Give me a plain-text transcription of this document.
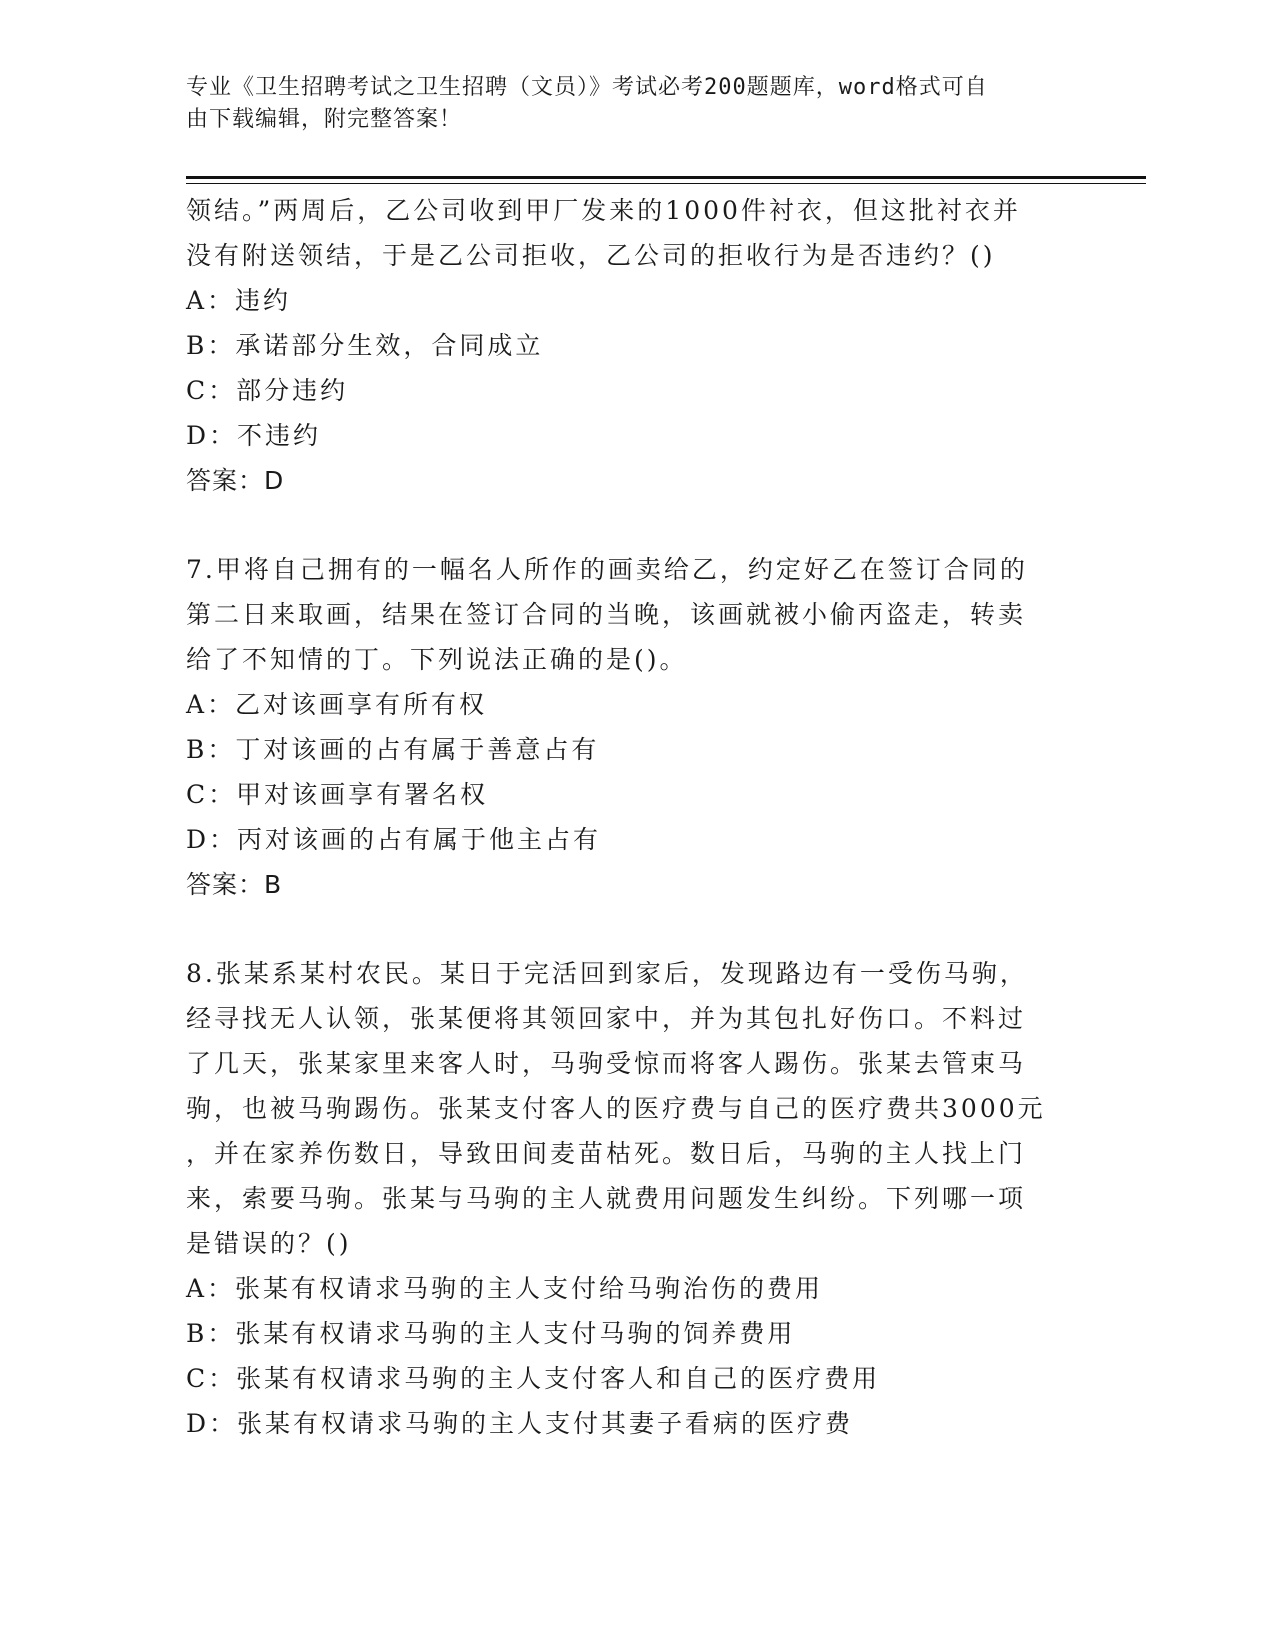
专业《卫生招聘考试之卫生招聘（文员）》考试必考200题题库，word格式可自
由下载编辑，附完整答案！
领结。”两周后，乙公司收到甲厂发来的1000件衬衣，但这批衬衣并
没有附送领结，于是乙公司拒收，乙公司的拒收行为是否违约？()
A：违约
B：承诺部分生效，合同成立
C：部分违约
D：不违约
答案：D
7.甲将自己拥有的一幅名人所作的画卖给乙，约定好乙在签订合同的
第二日来取画，结果在签订合同的当晚，该画就被小偷丙盗走，转卖
给了不知情的丁。下列说法正确的是()。
A：乙对该画享有所有权
B：丁对该画的占有属于善意占有
C：甲对该画享有署名权
D：丙对该画的占有属于他主占有
答案：B
8.张某系某村农民。某日于完活回到家后，发现路边有一受伤马驹，
经寻找无人认领，张某便将其领回家中，并为其包扎好伤口。不料过
了几天，张某家里来客人时，马驹受惊而将客人踢伤。张某去管束马
驹，也被马驹踢伤。张某支付客人的医疗费与自己的医疗费共3000元
，并在家养伤数日，导致田间麦苗枯死。数日后，马驹的主人找上门
来，索要马驹。张某与马驹的主人就费用问题发生纠纷。下列哪一项
是错误的？()
A：张某有权请求马驹的主人支付给马驹治伤的费用
B：张某有权请求马驹的主人支付马驹的饲养费用
C：张某有权请求马驹的主人支付客人和自己的医疗费用
D：张某有权请求马驹的主人支付其妻子看病的医疗费
